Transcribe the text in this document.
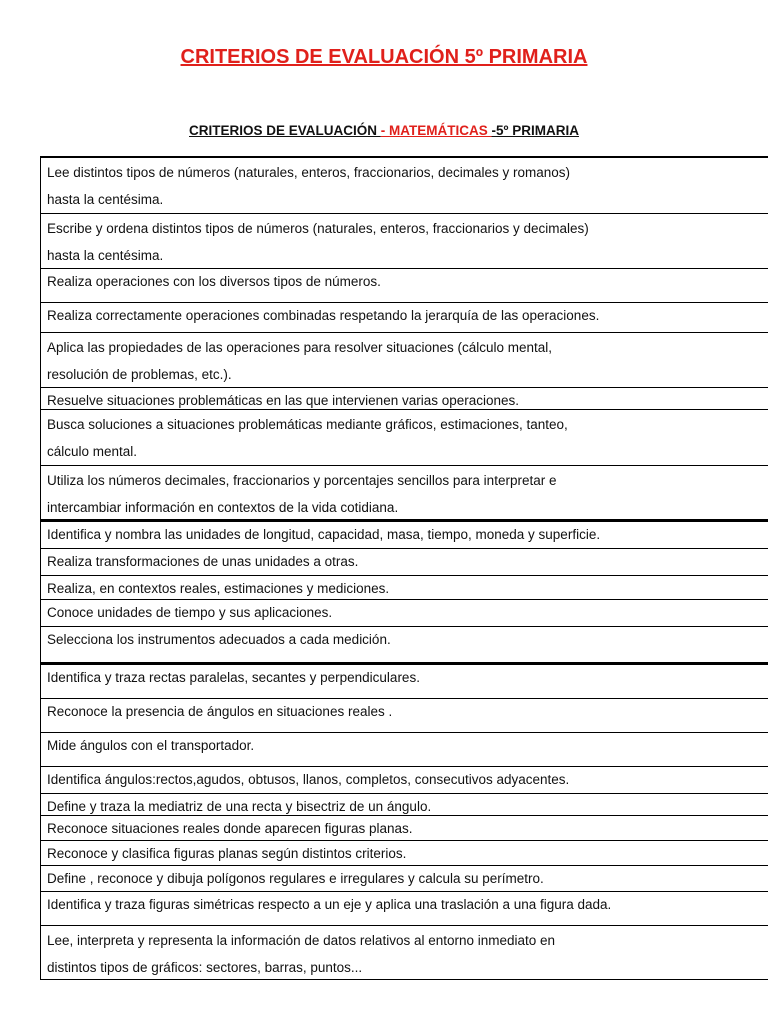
CRITERIOS DE EVALUACIÓN 5º PRIMARIA

CRITERIOS DE EVALUACIÓN - MATEMÁTICAS -5º PRIMARIA

Lee distintos tipos de números (naturales, enteros, fraccionarios, decimales y romanos)
hasta la centésima.
Escribe y ordena distintos tipos de números (naturales, enteros, fraccionarios y decimales)
hasta la centésima.
Realiza operaciones con los diversos tipos de números.
Realiza correctamente operaciones combinadas respetando la jerarquía de las operaciones.
Aplica las propiedades de las operaciones para resolver situaciones (cálculo mental,
resolución de problemas, etc.).
Resuelve situaciones problemáticas en las que intervienen varias operaciones.
Busca soluciones a situaciones problemáticas mediante gráficos, estimaciones, tanteo,
cálculo mental.
Utiliza los números decimales, fraccionarios y porcentajes sencillos para interpretar e
intercambiar información en contextos de la vida cotidiana.
Identifica y nombra las unidades de longitud, capacidad, masa, tiempo, moneda y superficie.
Realiza transformaciones de unas unidades a otras.
Realiza, en contextos reales, estimaciones y mediciones.
Conoce unidades de tiempo y sus aplicaciones.
Selecciona los instrumentos adecuados a cada medición.
Identifica y traza rectas paralelas, secantes y perpendiculares.
Reconoce la presencia de ángulos en situaciones reales .
Mide ángulos con el transportador.
Identifica ángulos:rectos,agudos, obtusos, llanos, completos, consecutivos adyacentes.
Define y traza la mediatriz de una recta y bisectriz de un ángulo.
Reconoce situaciones reales donde aparecen figuras planas.
Reconoce y clasifica figuras planas según distintos criterios.
Define , reconoce y dibuja polígonos regulares e irregulares y calcula su perímetro.
Identifica y traza figuras simétricas respecto a un eje y aplica una traslación a una figura dada.
Lee, interpreta y representa la información de datos relativos al entorno inmediato en
distintos tipos de gráficos: sectores, barras, puntos...
